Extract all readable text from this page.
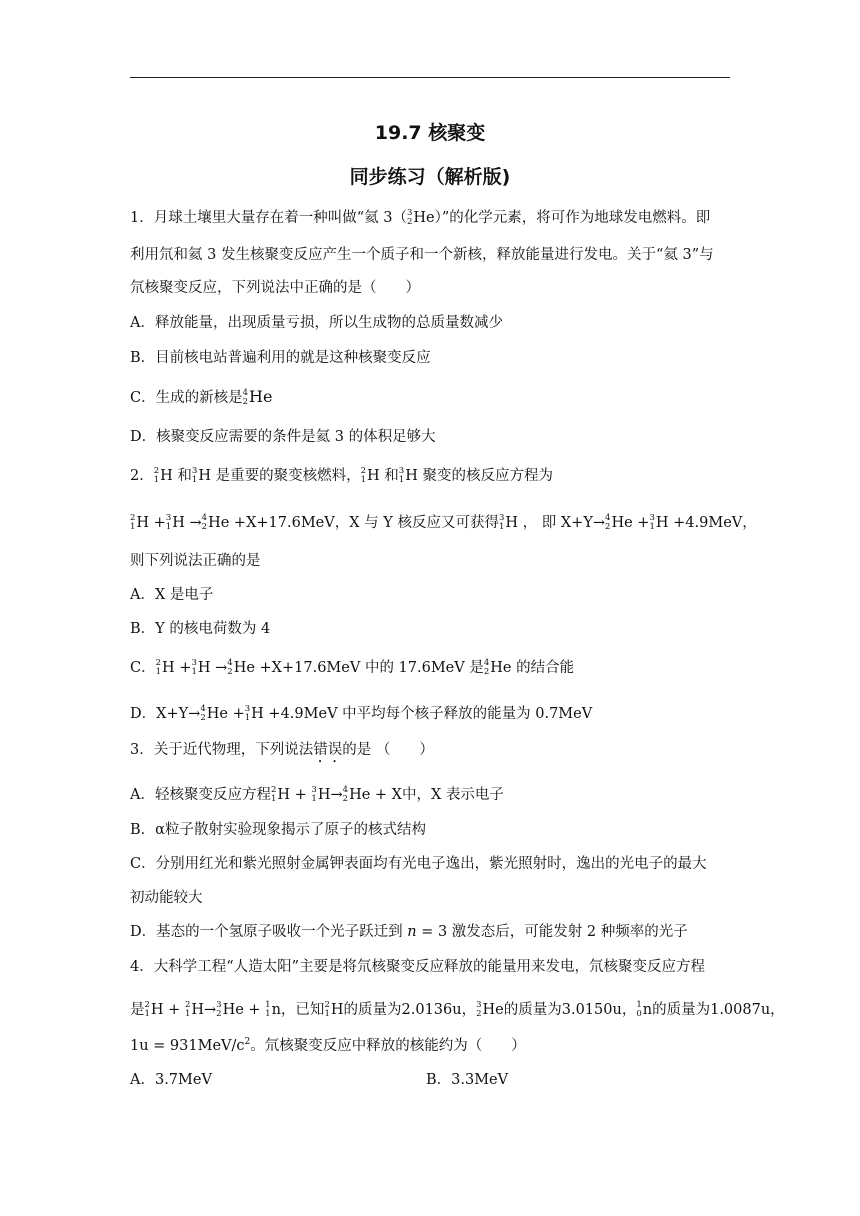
19.7 核聚变
同步练习（解析版)
1．月球土壤里大量存在着一种叫做“氦 3（ 3
2 He）”的化学元素，将可作为地球发电燃料。即
利用氘和氦 3 发生核聚变反应产生一个质子和一个新核，释放能量进行发电。关于“氦 3”与
氘核聚变反应，下列说法中正确的是（　　）
A．释放能量，出现质量亏损，所以生成物的总质量数减少
B．目前核电站普遍利用的就是这种核聚变反应
C．生成的新核是 4
2 He
D．核聚变反应需要的条件是氦 3 的体积足够大
2． 2
1 H 和 3
1 H 是重要的聚变核燃料， 2
1 H 和 3
1 H 聚变的核反应方程为
2
1 H + 3
1 H → 4
2 He +X+17.6MeV，X 与 Y 核反应又可获得 3
1 H ， 即 X+Y→ 4
2 He + 3
1 H +4.9MeV，
则下列说法正确的是
A．X 是电子
B．Y 的核电荷数为 4
C． 2
1 H + 3
1 H → 4
2 He +X+17.6MeV 中的 17.6MeV 是 4
2 He 的结合能
D．X+Y→ 4
2 He + 3
1 H +4.9MeV 中平均每个核子释放的能量为 0.7MeV
3．关于近代物理，下列说法错误的是 （　　）
A．轻核聚变反应方程 2
1 H + 3
1 H→ 4
2 He + X中，X 表示电子
B．α粒子散射实验现象揭示了原子的核式结构
C．分别用红光和紫光照射金属钾表面均有光电子逸出，紫光照射时，逸出的光电子的最大
初动能较大
D．基态的一个氢原子吸收一个光子跃迁到 n = 3 激发态后，可能发射 2 种频率的光子
4．大科学工程“人造太阳”主要是将氘核聚变反应释放的能量用来发电，氘核聚变反应方程
是 2
1 H + 2
1 H→ 3
2 He + 1
1 n，已知 2
1 H的质量为2.0136u， 3
2 He的质量为3.0150u， 1
0 n的质量为1.0087u，
$1u = 931MeV/c^2$。氘核聚变反应中释放的核能约为（　　）
A．3.7MeV	B．3.3MeV
